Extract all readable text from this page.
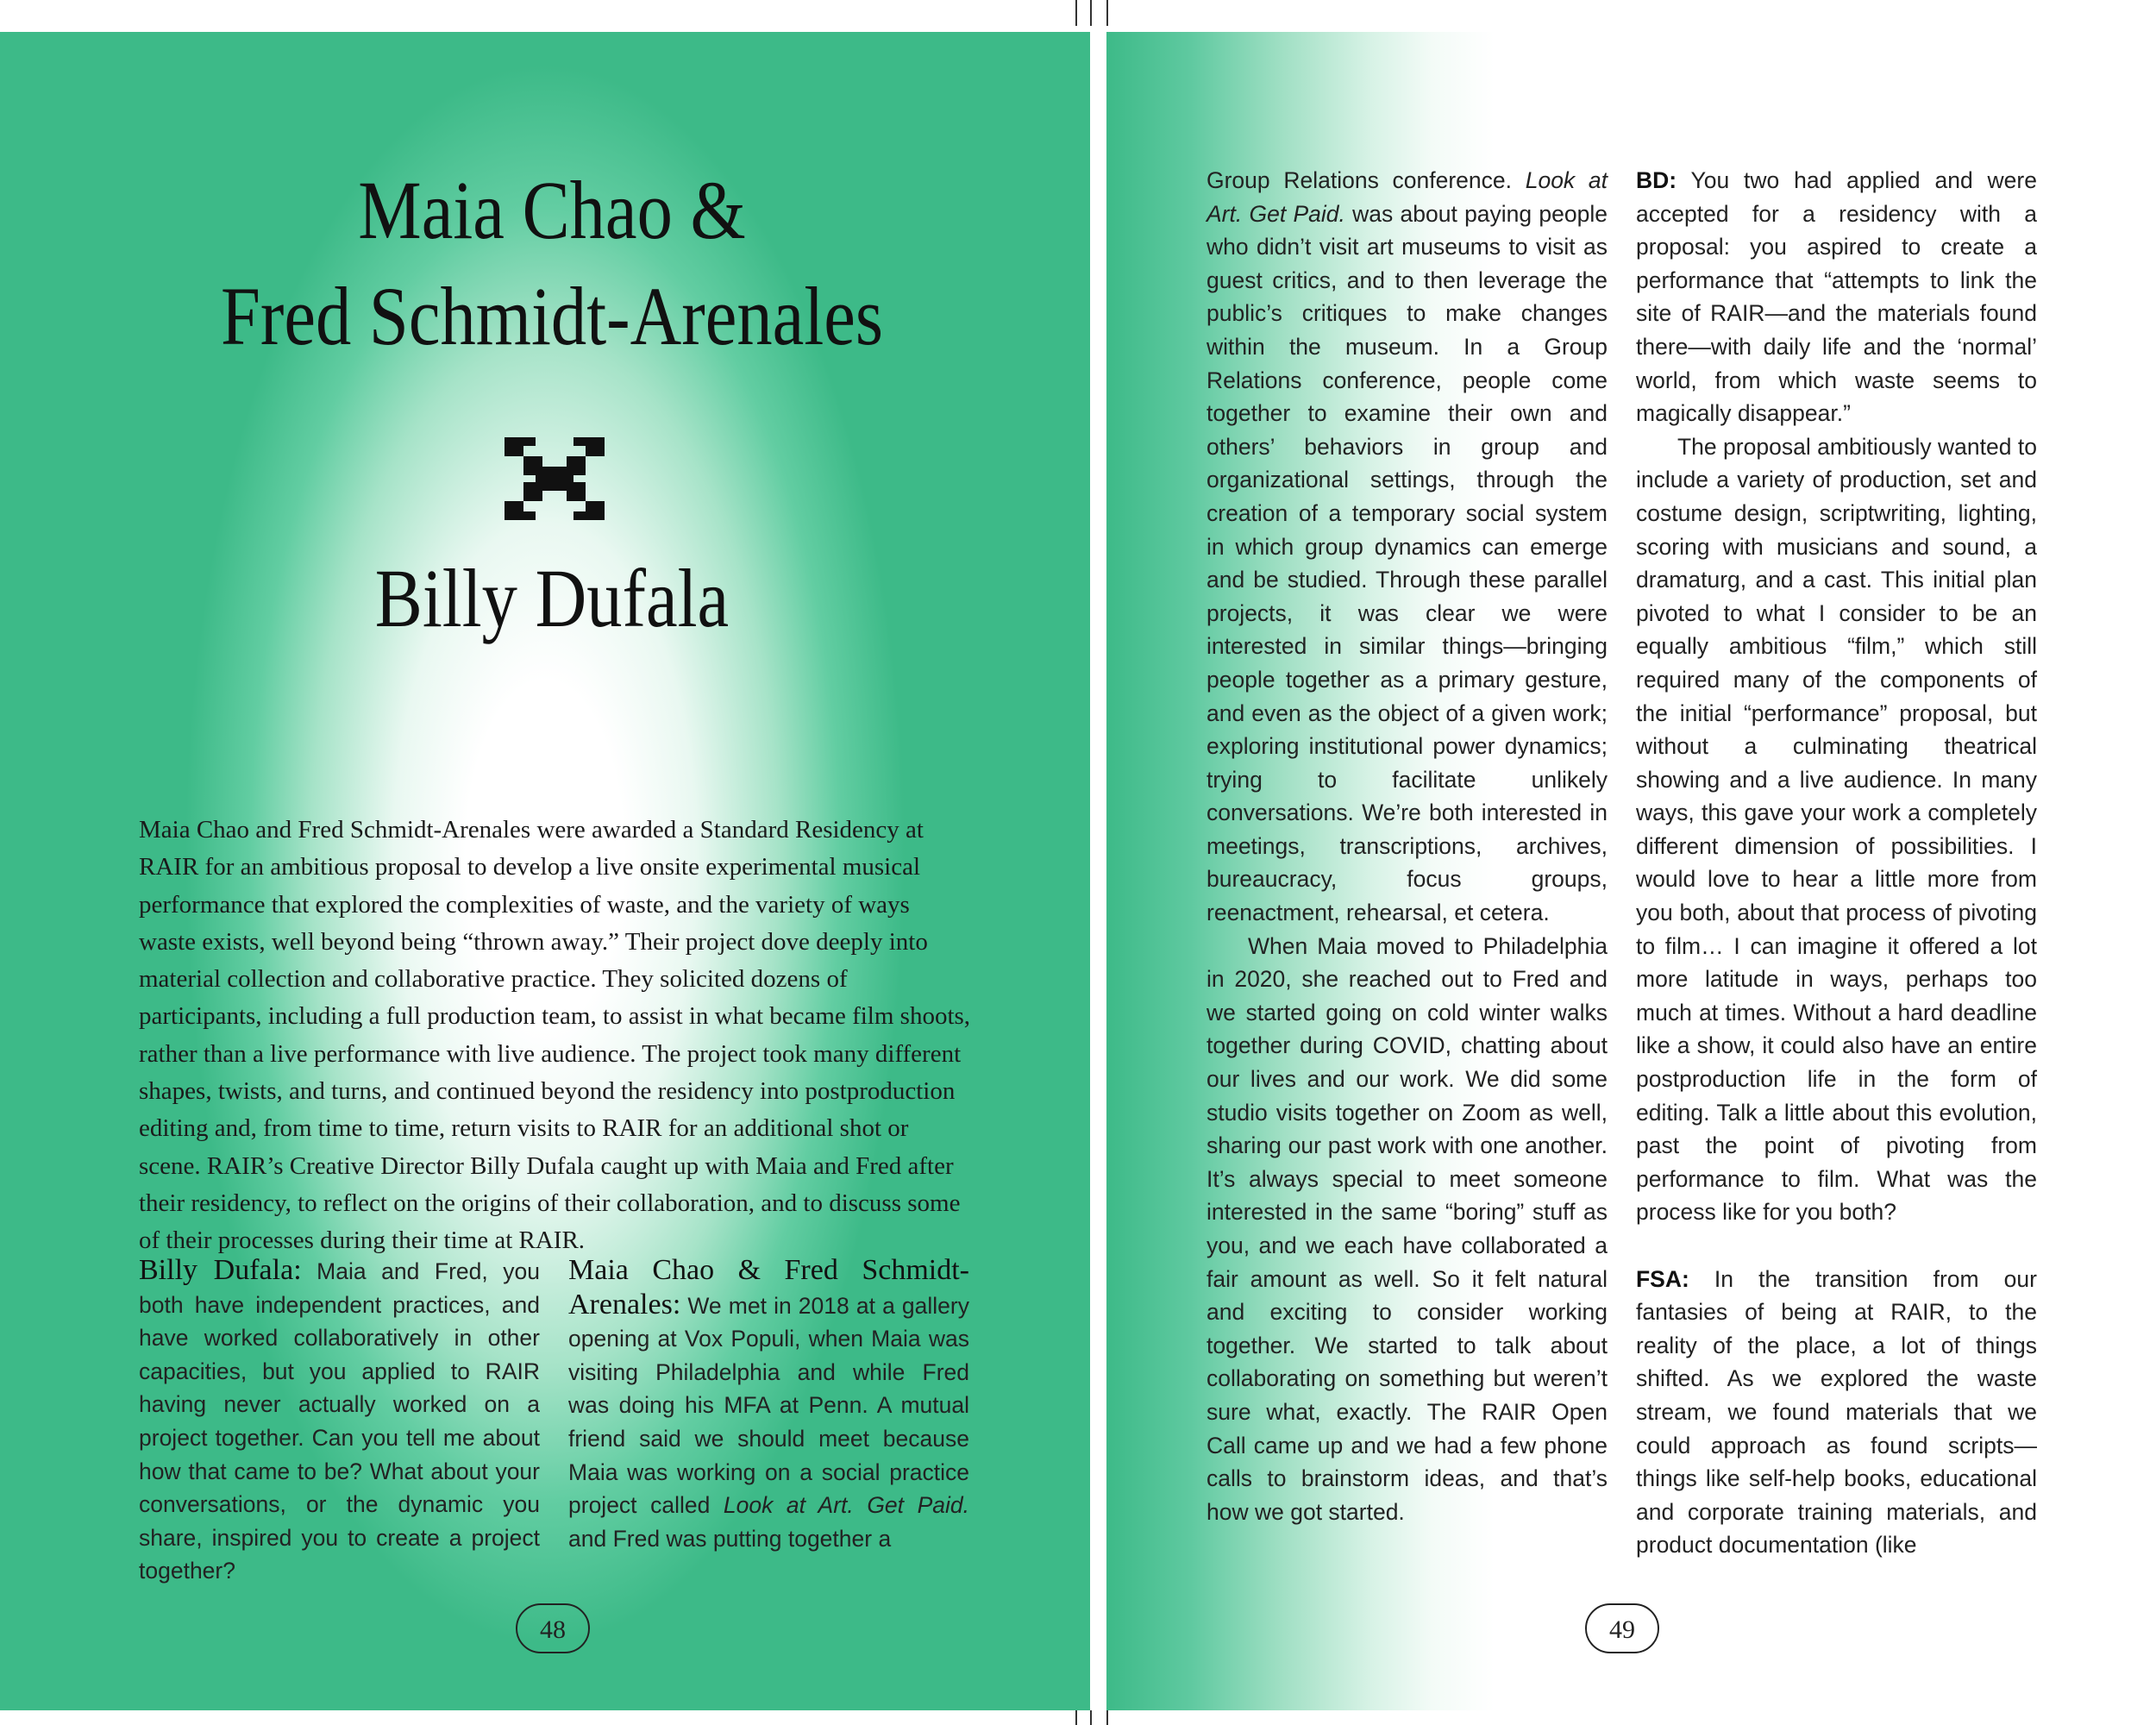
Maia Chao &
Fred Schmidt-Arenales
Billy Dufala

Maia Chao and Fred Schmidt-Arenales were awarded a Standard Residency at RAIR for an ambitious proposal to develop a live onsite experimental musical performance that explored the complexities of waste, and the variety of ways waste exists, well beyond being “thrown away.” Their project dove deeply into material collection and collaborative practice. They solicited dozens of participants, including a full production team, to assist in what became film shoots, rather than a live performance with live audience. The project took many different shapes, twists, and turns, and continued beyond the residency into postproduction editing and, from time to time, return visits to RAIR for an additional shot or scene. RAIR’s Creative Director Billy Dufala caught up with Maia and Fred after their residency, to reflect on the origins of their collaboration, and to discuss some of their processes during their time at RAIR.

Billy Dufala: Maia and Fred, you both have independent practices, and have worked collaboratively in other capacities, but you applied to RAIR having never actually worked on a project together. Can you tell me about how that came to be? What about your conversations, or the dynamic you share, inspired you to create a project together?

Maia Chao & Fred Schmidt-Arenales: We met in 2018 at a gallery opening at Vox Populi, when Maia was visiting Philadelphia and while Fred was doing his MFA at Penn. A mutual friend said we should meet because Maia was working on a social practice project called Look at Art. Get Paid. and Fred was putting together a

48

Group Relations conference. Look at Art. Get Paid. was about paying people who didn’t visit art museums to visit as guest critics, and to then leverage the public’s critiques to make changes within the museum. In a Group Relations conference, people come together to examine their own and others’ behaviors in group and organizational settings, through the creation of a temporary social system in which group dynamics can emerge and be studied. Through these parallel projects, it was clear we were interested in similar things—bringing people together as a primary gesture, and even as the object of a given work; exploring institutional power dynamics; trying to facilitate unlikely conversations. We’re both interested in meetings, transcriptions, archives, bureaucracy, focus groups, reenactment, rehearsal, et cetera.

When Maia moved to Philadelphia in 2020, she reached out to Fred and we started going on cold winter walks together during COVID, chatting about our lives and our work. We did some studio visits together on Zoom as well, sharing our past work with one another. It’s always special to meet someone interested in the same “boring” stuff as you, and we each have collaborated a fair amount as well. So it felt natural and exciting to consider working together. We started to talk about collaborating on something but weren’t sure what, exactly. The RAIR Open Call came up and we had a few phone calls to brainstorm ideas, and that’s how we got started.

BD: You two had applied and were accepted for a residency with a proposal: you aspired to create a performance that “attempts to link the site of RAIR—and the materials found there—with daily life and the ‘normal’ world, from which waste seems to magically disappear.”

The proposal ambitiously wanted to include a variety of production, set and costume design, scriptwriting, lighting, scoring with musicians and sound, a dramaturg, and a cast. This initial plan pivoted to what I consider to be an equally ambitious “film,” which still required many of the components of the initial “performance” proposal, but without a culminating theatrical showing and a live audience. In many ways, this gave your work a completely different dimension of possibilities. I would love to hear a little more from you both, about that process of pivoting to film… I can imagine it offered a lot more latitude in ways, perhaps too much at times. Without a hard deadline like a show, it could also have an entire postproduction life in the form of editing. Talk a little about this evolution, past the point of pivoting from performance to film. What was the process like for you both?

FSA: In the transition from our fantasies of being at RAIR, to the reality of the place, a lot of things shifted. As we explored the waste stream, we found materials that we could approach as found scripts—things like self-help books, educational and corporate training materials, and product documentation (like

49
